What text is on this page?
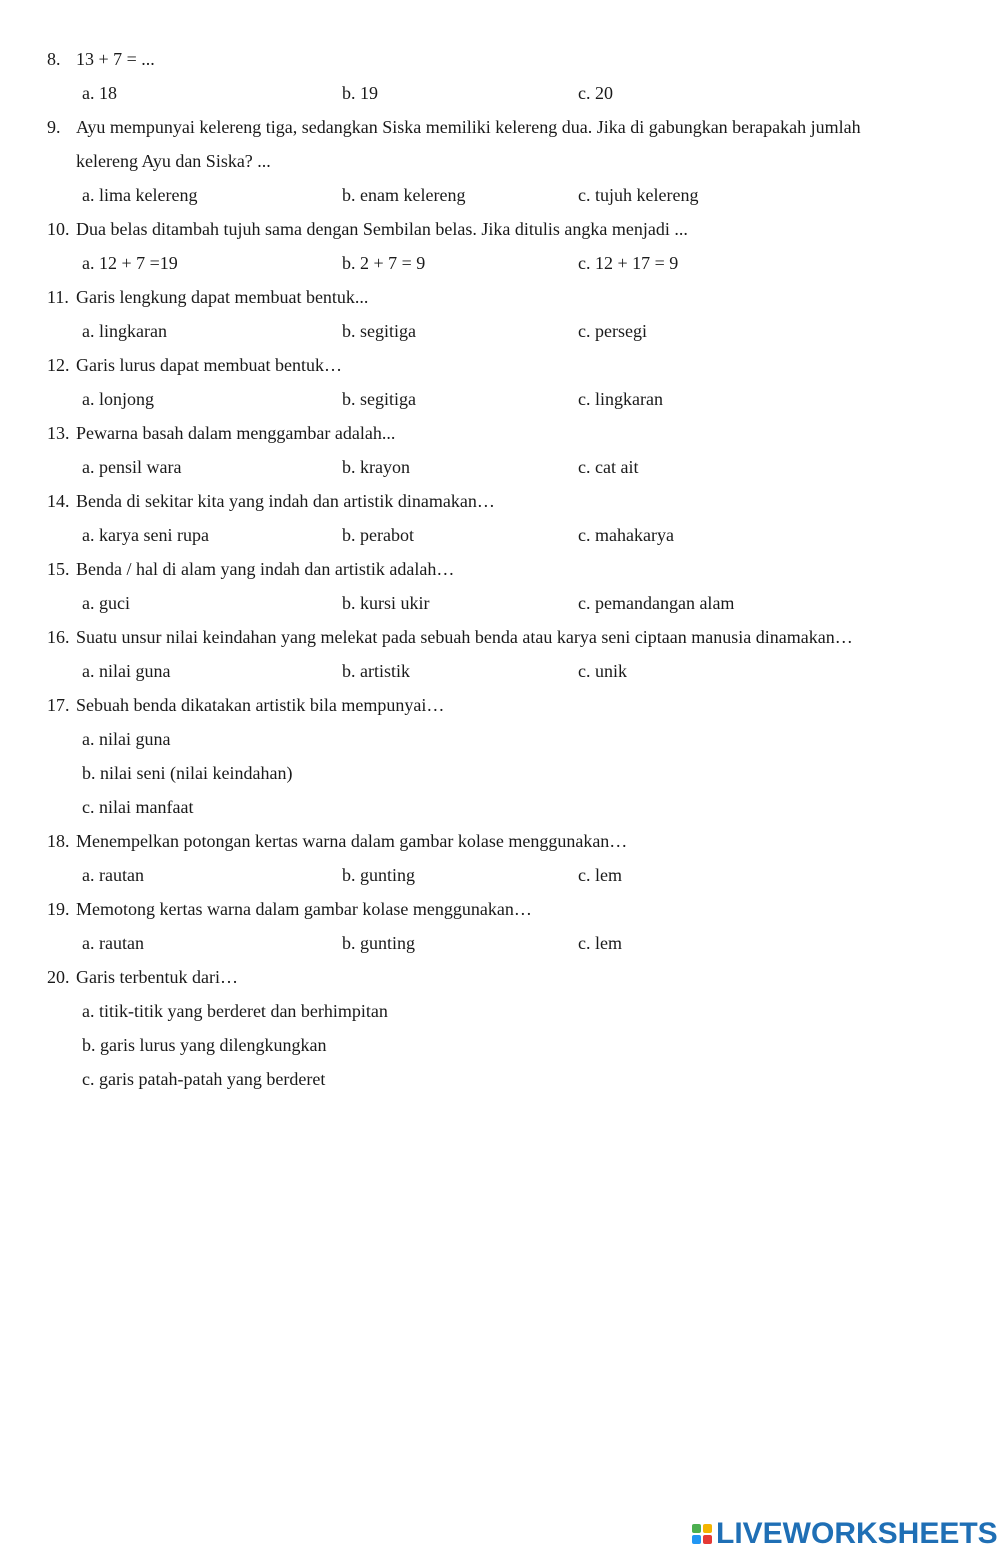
8. 13 + 7 = ...
a. 18	b. 19	c. 20
9. Ayu mempunyai kelereng tiga, sedangkan Siska memiliki kelereng dua. Jika di gabungkan berapakah jumlah
kelereng Ayu dan Siska? ...
a. lima kelereng	b. enam kelereng	c. tujuh kelereng
10. Dua belas ditambah tujuh sama dengan Sembilan belas. Jika ditulis angka menjadi ...
a. 12 + 7 =19	b. 2 + 7 = 9	c. 12 + 17 = 9
11. Garis lengkung dapat membuat bentuk...
a. lingkaran	b. segitiga	c. persegi
12. Garis lurus dapat membuat bentuk…
a. lonjong	b. segitiga	c. lingkaran
13. Pewarna basah dalam menggambar adalah...
a. pensil wara	b. krayon	c. cat ait
14. Benda di sekitar kita yang indah dan artistik dinamakan…
a. karya seni rupa	b. perabot	c. mahakarya
15. Benda / hal di alam yang indah dan artistik adalah…
a. guci	b. kursi ukir	c. pemandangan alam
16. Suatu unsur nilai keindahan yang melekat pada sebuah benda atau karya seni ciptaan manusia dinamakan…
a. nilai guna	b. artistik	c. unik
17. Sebuah benda dikatakan artistik bila mempunyai…
a. nilai guna
b. nilai seni (nilai keindahan)
c. nilai manfaat
18. Menempelkan potongan kertas warna dalam gambar kolase menggunakan…
a. rautan	b. gunting	c. lem
19. Memotong kertas warna dalam gambar kolase menggunakan…
a. rautan	b. gunting	c. lem
20. Garis terbentuk dari…
a. titik-titik yang berderet dan berhimpitan
b. garis lurus yang dilengkungkan
c. garis patah-patah yang berderet
LIVEWORKSHEETS
